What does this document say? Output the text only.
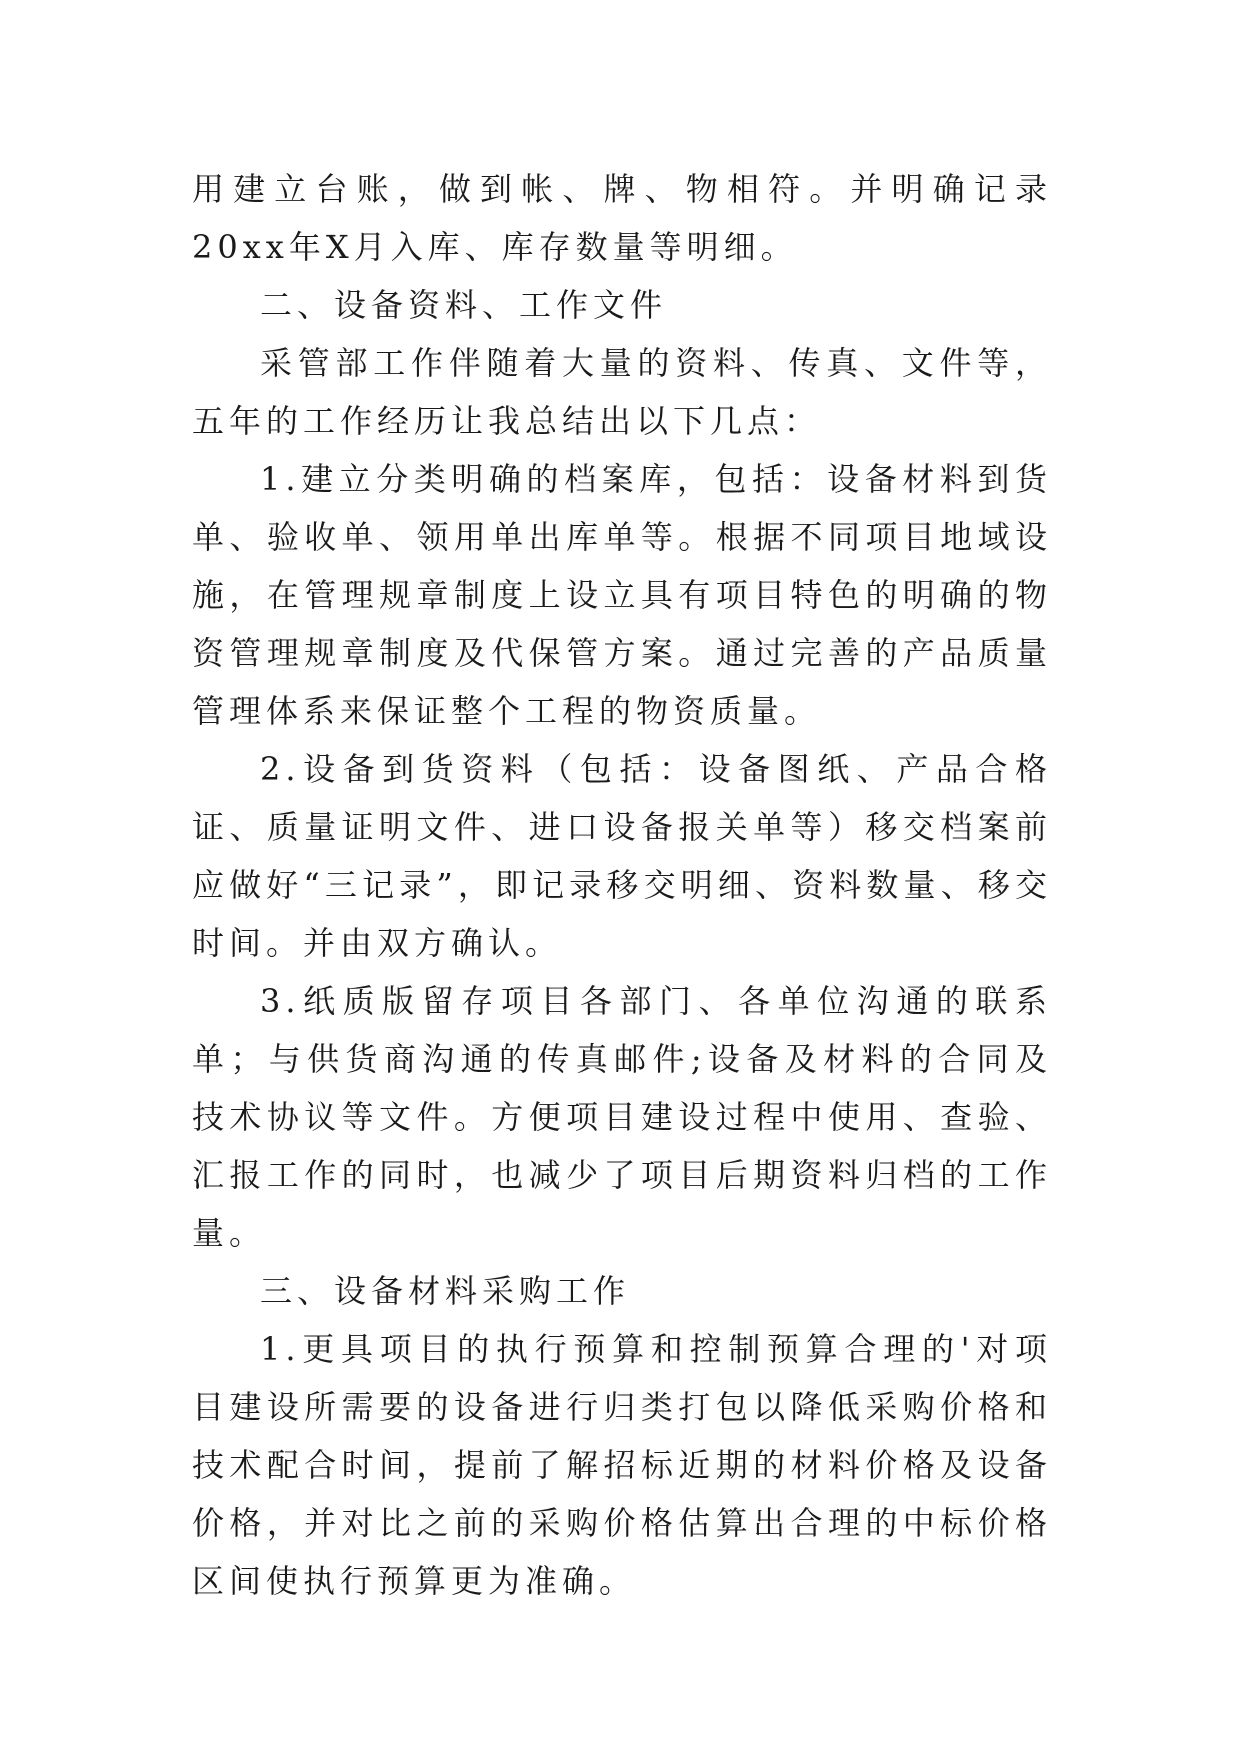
用建立台账，做到帐、牌、物相符。并明确记录20xx年X月入库、库存数量等明细。

二、设备资料、工作文件

采管部工作伴随着大量的资料、传真、文件等，五年的工作经历让我总结出以下几点：

1.建立分类明确的档案库，包括：设备材料到货单、验收单、领用单出库单等。根据不同项目地域设施，在管理规章制度上设立具有项目特色的明确的物资管理规章制度及代保管方案。通过完善的产品质量管理体系来保证整个工程的物资质量。

2.设备到货资料（包括：设备图纸、产品合格证、质量证明文件、进口设备报关单等）移交档案前应做好“三记录”，即记录移交明细、资料数量、移交时间。并由双方确认。

3.纸质版留存项目各部门、各单位沟通的联系单；与供货商沟通的传真邮件;设备及材料的合同及技术协议等文件。方便项目建设过程中使用、查验、汇报工作的同时，也减少了项目后期资料归档的工作量。

三、设备材料采购工作

1.更具项目的执行预算和控制预算合理的'对项目建设所需要的设备进行归类打包以降低采购价格和技术配合时间，提前了解招标近期的材料价格及设备价格，并对比之前的采购价格估算出合理的中标价格区间使执行预算更为准确。
